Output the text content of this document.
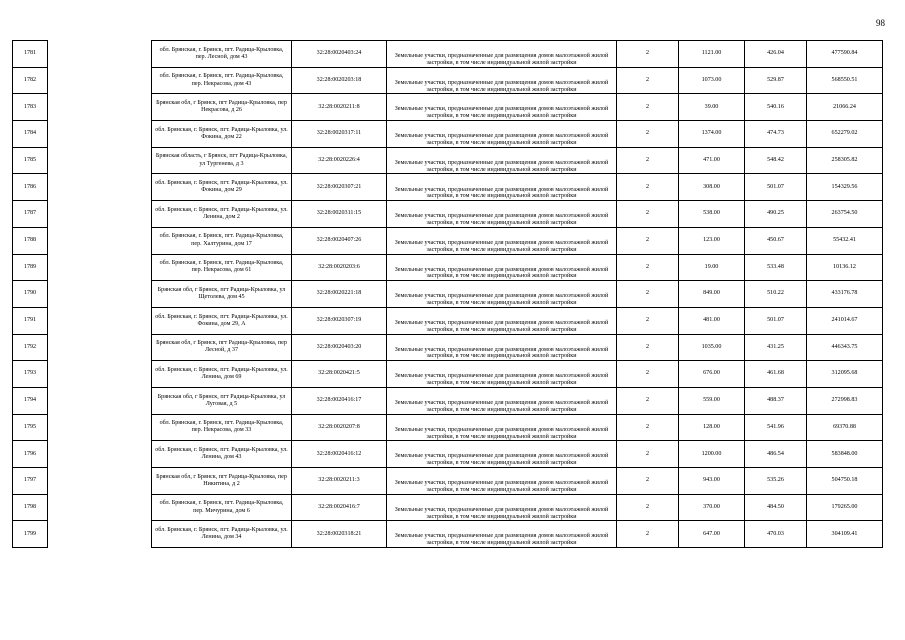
98
1781		обл. Брянская, г. Брянск, пгт. Радица-Крыловка, пер. Лесной, дом 43	32:28:0020403:24	Земельные участки, предназначенные для размещения домов малоэтажной жилой застройки, в том числе индивидуальной жилой застройки	2	1121.00	426.04	477590.84
1782		обл. Брянская, г. Брянск, пгт. Радица-Крыловка, пер. Некрасова, дом 43	32:28:0020203:18	Земельные участки, предназначенные для размещения домов малоэтажной жилой застройки, в том числе индивидуальной жилой застройки	2	1073.00	529.87	568550.51
1783		Брянская обл, г Брянск, пгт Радица-Крыловка, пер Некрасова, д 26	32:28:0020211:8	Земельные участки, предназначенные для размещения домов малоэтажной жилой застройки, в том числе индивидуальной жилой застройки	2	39.00	540.16	21066.24
1784		обл. Брянская, г. Брянск, пгт. Радица-Крыловка, ул. Фокина, дом 22	32:28:0020317:11	Земельные участки, предназначенные для размещения домов малоэтажной жилой застройки, в том числе индивидуальной жилой застройки	2	1374.00	474.73	652279.02
1785		Брянская область, г Брянск, пгт Радица-Крыловка, ул Тургенева, д 3	32:28:0020226:4	Земельные участки, предназначенные для размещения домов малоэтажной жилой застройки, в том числе индивидуальной жилой застройки	2	471.00	548.42	258305.82
1786		обл. Брянская, г. Брянск, пгт. Радица-Крыловка, ул. Фокина, дом 29	32:28:0020307:21	Земельные участки, предназначенные для размещения домов малоэтажной жилой застройки, в том числе индивидуальной жилой застройки	2	308.00	501.07	154329.56
1787		обл. Брянская, г. Брянск, пгт. Радица-Крыловка, ул. Ленина, дом 2	32:28:0020311:15	Земельные участки, предназначенные для размещения домов малоэтажной жилой застройки, в том числе индивидуальной жилой застройки	2	538.00	490.25	263754.50
1788		обл. Брянская, г. Брянск, пгт. Радица-Крыловка, пер. Халтурина, дом 17	32:28:0020407:26	Земельные участки, предназначенные для размещения домов малоэтажной жилой застройки, в том числе индивидуальной жилой застройки	2	123.00	450.67	55432.41
1789		обл. Брянская, г. Брянск, пгт. Радица-Крыловка, пер. Некрасова, дом 61	32:28:0020203:6	Земельные участки, предназначенные для размещения домов малоэтажной жилой застройки, в том числе индивидуальной жилой застройки	2	19.00	533.48	10136.12
1790		Брянская обл, г Брянск, пгт Радица-Крыловка, ул Щетолева, дом 45	32:28:0020221:18	Земельные участки, предназначенные для размещения домов малоэтажной жилой застройки, в том числе индивидуальной жилой застройки	2	849.00	510.22	433176.78
1791		обл. Брянская, г. Брянск, пгт. Радица-Крыловка, ул. Фокина, дом 29, А	32:28:0020307:19	Земельные участки, предназначенные для размещения домов малоэтажной жилой застройки, в том числе индивидуальной жилой застройки	2	481.00	501.07	241014.67
1792		Брянская обл, г Брянск, пгт Радица-Крыловка, пер Лесной, д 37	32:28:0020403:20	Земельные участки, предназначенные для размещения домов малоэтажной жилой застройки, в том числе индивидуальной жилой застройки	2	1035.00	431.25	446343.75
1793		обл. Брянская, г. Брянск, пгт. Радица-Крыловка, ул. Ленина, дом 69	32:28:0020421:5	Земельные участки, предназначенные для размещения домов малоэтажной жилой застройки, в том числе индивидуальной жилой застройки	2	676.00	461.68	312095.68
1794		Брянская обл, г Брянск, пгт Радица-Крыловка, ул Луговая, д 5	32:28:0020416:17	Земельные участки, предназначенные для размещения домов малоэтажной жилой застройки, в том числе индивидуальной жилой застройки	2	559.00	488.37	272998.83
1795		обл. Брянская, г. Брянск, пгт. Радица-Крыловка, пер. Некрасова, дом 33	32:28:0020207:8	Земельные участки, предназначенные для размещения домов малоэтажной жилой застройки, в том числе индивидуальной жилой застройки	2	128.00	541.96	69370.88
1796		обл. Брянская, г. Брянск, пгт. Радица-Крыловка, ул. Ленина, дом 43	32:28:0020416:12	Земельные участки, предназначенные для размещения домов малоэтажной жилой застройки, в том числе индивидуальной жилой застройки	2	1200.00	486.54	583848.00
1797		Брянская обл, г Брянск, пгт Радица-Крыловка, пер Никитина, д 2	32:28:0020211:3	Земельные участки, предназначенные для размещения домов малоэтажной жилой застройки, в том числе индивидуальной жилой застройки	2	943.00	535.26	504750.18
1798		обл. Брянская, г. Брянск, пгт. Радица-Крыловка, пер. Мичурина, дом 6	32:28:0020416:7	Земельные участки, предназначенные для размещения домов малоэтажной жилой застройки, в том числе индивидуальной жилой застройки	2	370.00	484.50	179265.00
1799		обл. Брянская, г. Брянск, пгт. Радица-Крыловка, ул. Ленина, дом 34	32:28:0020318:21	Земельные участки, предназначенные для размещения домов малоэтажной жилой застройки, в том числе индивидуальной жилой застройки	2	647.00	470.03	304109.41
